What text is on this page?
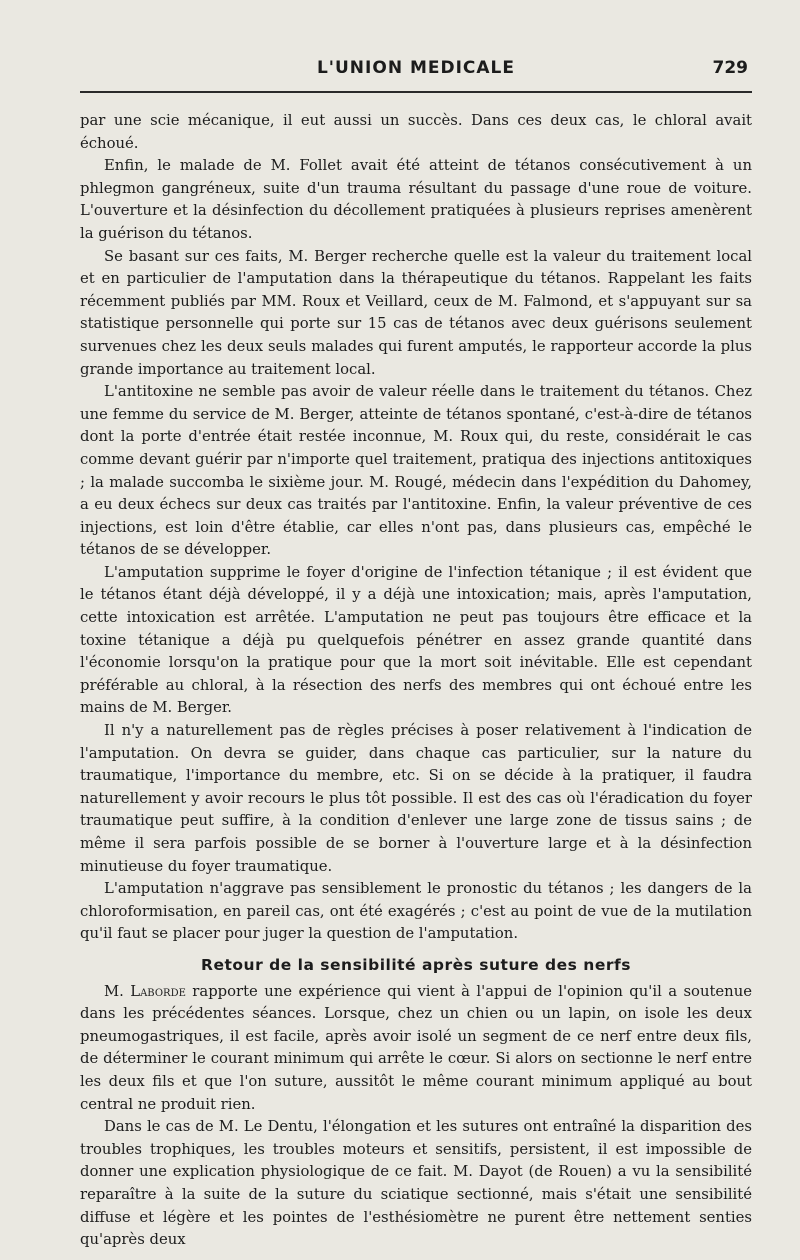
L'UNION MEDICALE	729

par une scie mécanique, il eut aussi un succès. Dans ces deux cas, le chloral avait échoué.

Enfin, le malade de M. Follet avait été atteint de tétanos consécutivement à un phlegmon gangréneux, suite d'un trauma résultant du passage d'une roue de voiture. L'ouverture et la désinfection du décollement pratiquées à plusieurs reprises amenèrent la guérison du tétanos.

Se basant sur ces faits, M. Berger recherche quelle est la valeur du traitement local et en particulier de l'amputation dans la thérapeutique du tétanos. Rappelant les faits récemment publiés par MM. Roux et Veillard, ceux de M. Falmond, et s'appuyant sur sa statistique personnelle qui porte sur 15 cas de tétanos avec deux guérisons seulement survenues chez les deux seuls malades qui furent amputés, le rapporteur accorde la plus grande importance au traitement local.

L'antitoxine ne semble pas avoir de valeur réelle dans le traitement du tétanos. Chez une femme du service de M. Berger, atteinte de tétanos spontané, c'est-à-dire de tétanos dont la porte d'entrée était restée inconnue, M. Roux qui, du reste, considérait le cas comme devant guérir par n'importe quel traitement, pratiqua des injections antitoxiques ; la malade succomba le sixième jour. M. Rougé, médecin dans l'expédition du Dahomey, a eu deux échecs sur deux cas traités par l'antitoxine. Enfin, la valeur préventive de ces injections, est loin d'être établie, car elles n'ont pas, dans plusieurs cas, empêché le tétanos de se développer.

L'amputation supprime le foyer d'origine de l'infection tétanique ; il est évident que le tétanos étant déjà développé, il y a déjà une intoxication; mais, après l'amputation, cette intoxication est arrêtée. L'amputation ne peut pas toujours être efficace et la toxine tétanique a déjà pu quelquefois pénétrer en assez grande quantité dans l'économie lorsqu'on la pratique pour que la mort soit inévitable. Elle est cependant préférable au chloral, à la résection des nerfs des membres qui ont échoué entre les mains de M. Berger.

Il n'y a naturellement pas de règles précises à poser relativement à l'indication de l'amputation. On devra se guider, dans chaque cas particulier, sur la nature du traumatique, l'importance du membre, etc. Si on se décide à la pratiquer, il faudra naturellement y avoir recours le plus tôt possible. Il est des cas où l'éradication du foyer traumatique peut suffire, à la condition d'enlever une large zone de tissus sains ; de même il sera parfois possible de se borner à l'ouverture large et à la désinfection minutieuse du foyer traumatique.

L'amputation n'aggrave pas sensiblement le pronostic du tétanos ; les dangers de la chloroformisation, en pareil cas, ont été exagérés ; c'est au point de vue de la mutilation qu'il faut se placer pour juger la question de l'amputation.

Retour de la sensibilité après suture des nerfs

M. Laborde rapporte une expérience qui vient à l'appui de l'opinion qu'il a soutenue dans les précédentes séances. Lorsque, chez un chien ou un lapin, on isole les deux pneumogastriques, il est facile, après avoir isolé un segment de ce nerf entre deux fils, de déterminer le courant minimum qui arrête le cœur. Si alors on sectionne le nerf entre les deux fils et que l'on suture, aussitôt le même courant minimum appliqué au bout central ne produit rien.

Dans le cas de M. Le Dentu, l'élongation et les sutures ont entraîné la disparition des troubles trophiques, les troubles moteurs et sensitifs, persistent, il est impossible de donner une explication physiologique de ce fait. M. Dayot (de Rouen) a vu la sensibilité reparaître à la suite de la suture du sciatique sectionné, mais s'était une sensibilité diffuse et légère et les pointes de l'esthésiomètre ne purent être nettement senties qu'après deux
